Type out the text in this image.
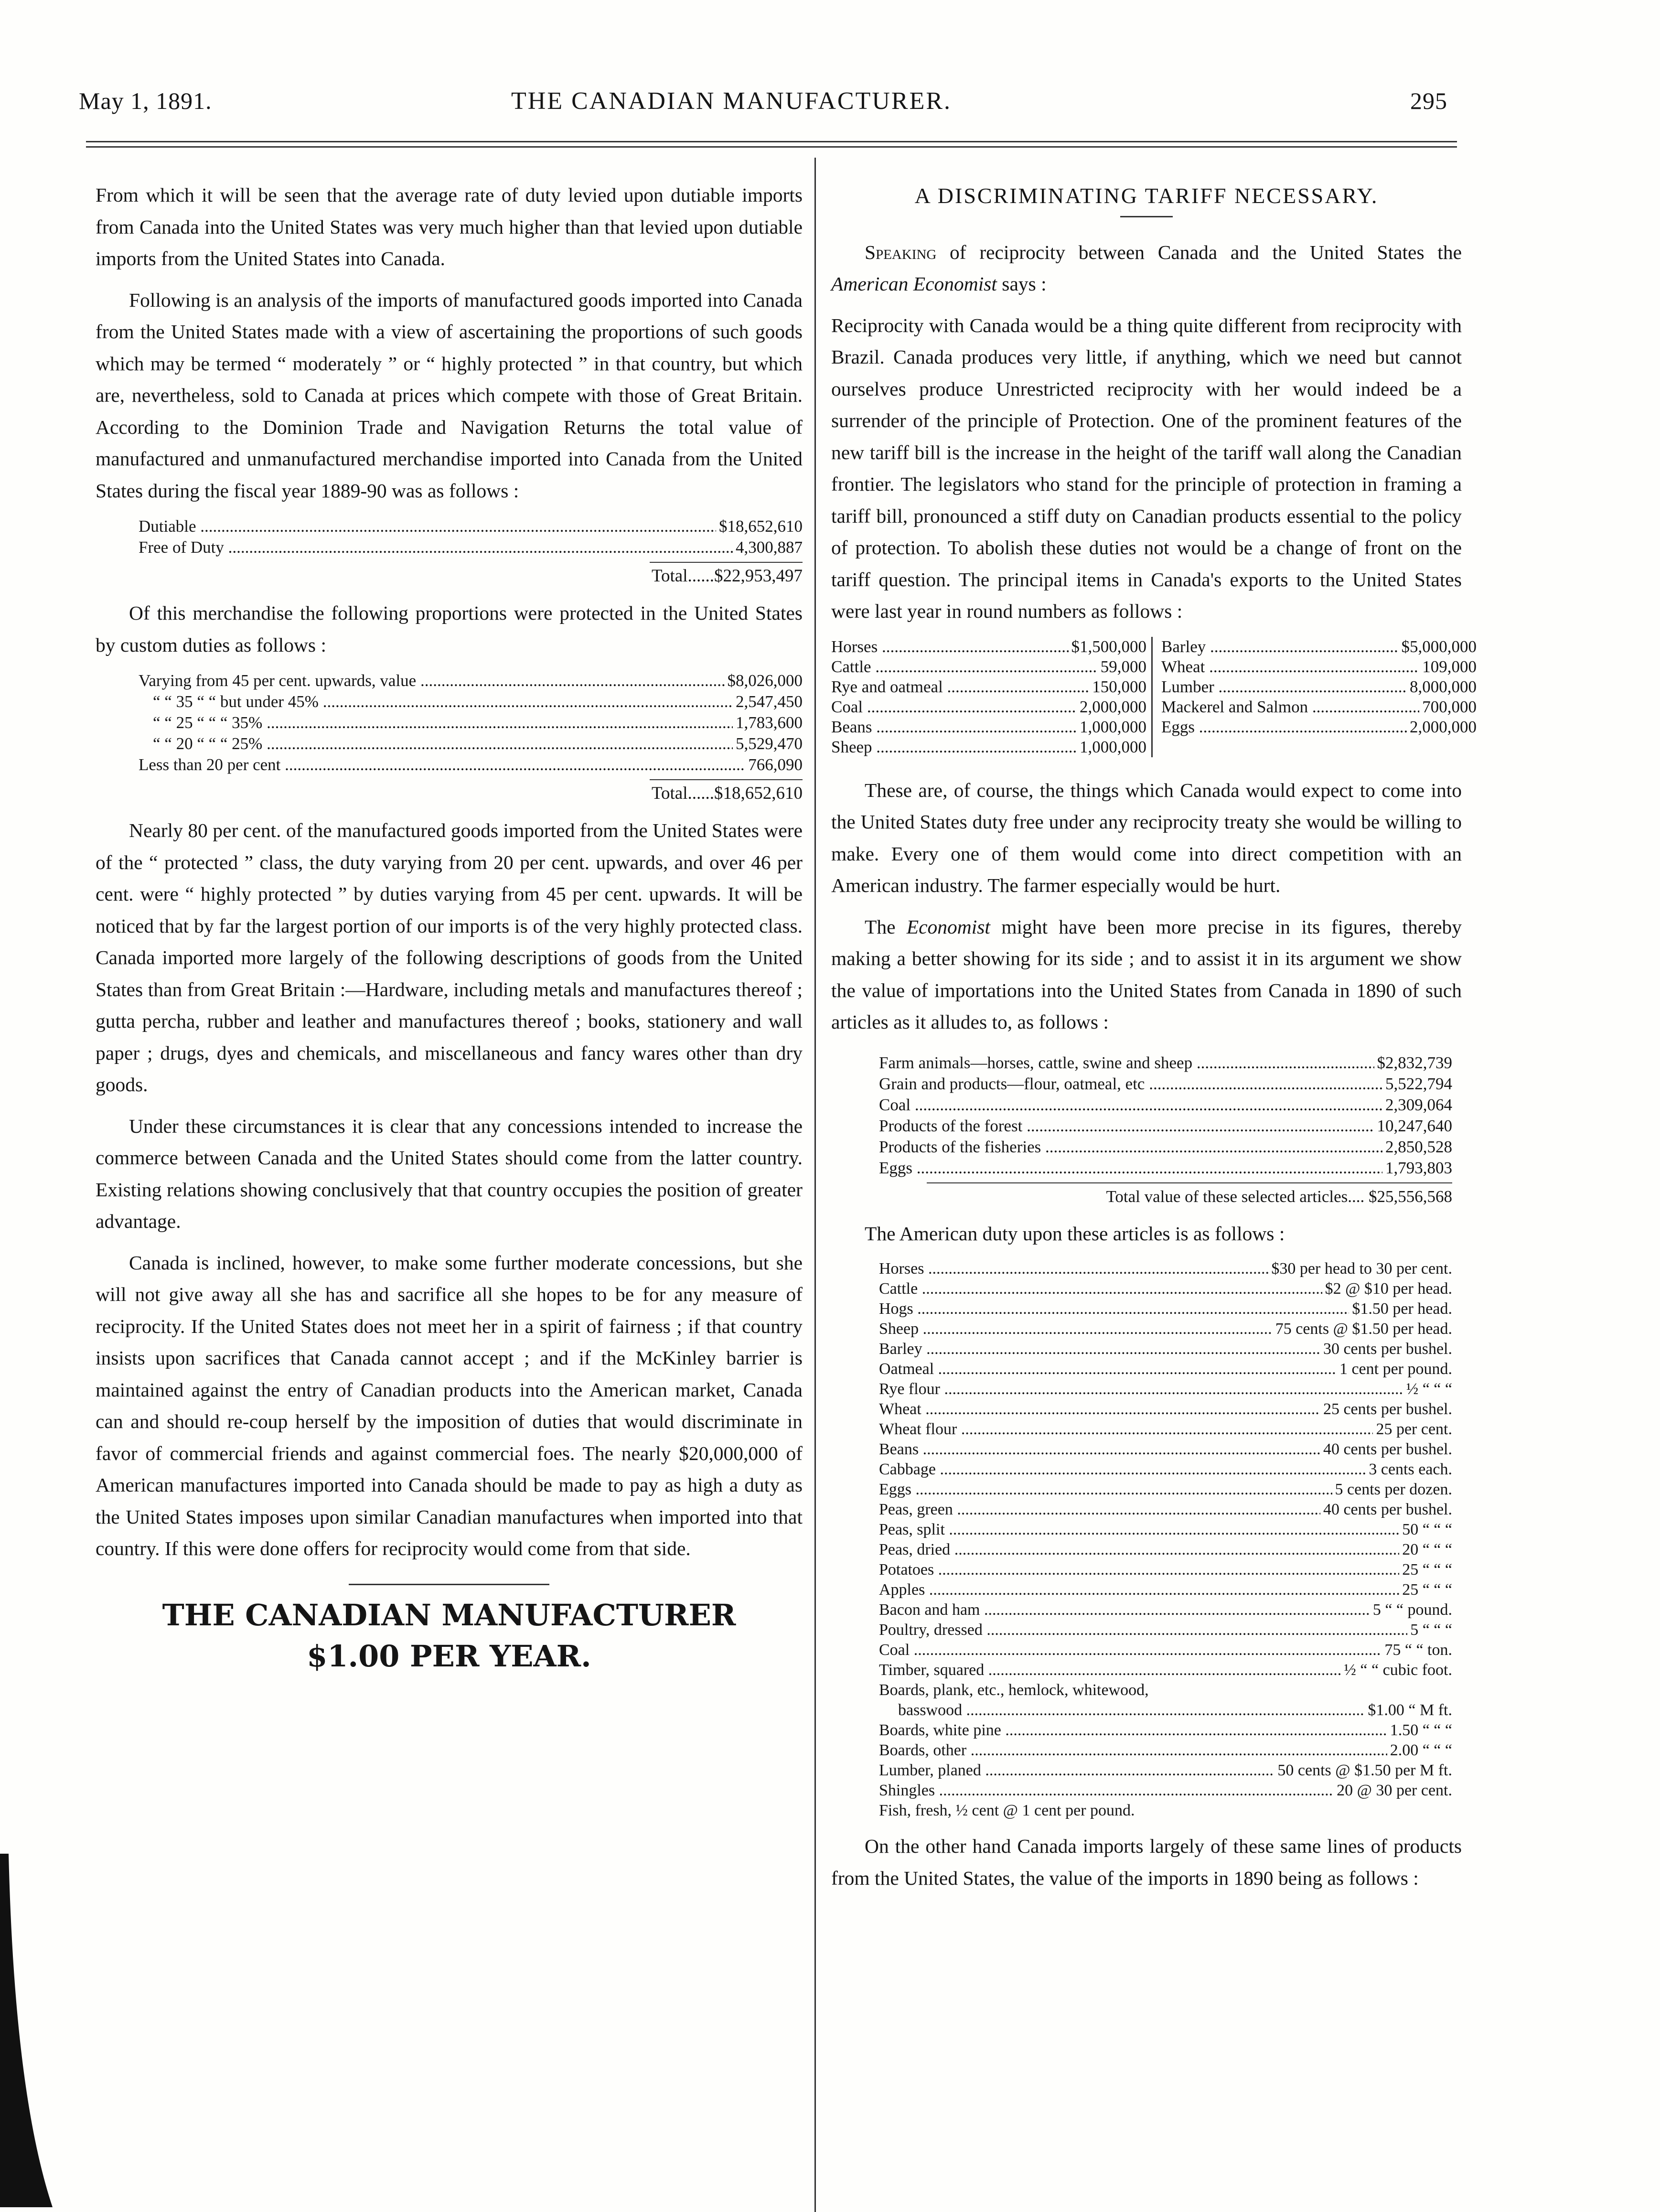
May 1, 1891.	THE CANADIAN MANUFACTURER.	295

From which it will be seen that the average rate of duty levied upon dutiable imports from Canada into the United States was very much higher than that levied upon dutiable imports from the United States into Canada.

Following is an analysis of the imports of manufactured goods imported into Canada from the United States made with a view of ascertaining the proportions of such goods which may be termed “ moderately ” or “ highly protected ” in that country, but which are, nevertheless, sold to Canada at prices which compete with those of Great Britain. According to the Dominion Trade and Navigation Returns the total value of manufactured and unmanufactured merchandise imported into Canada from the United States during the fiscal year 1889-90 was as follows :

Dutiable .....	$18,652,610
Free of Duty .....	4,300,887
Total......$22,953,497

Of this merchandise the following proportions were protected in the United States by custom duties as follows :

Varying from 45 per cent. upwards, value .....	$8,026,000
“ “ 35 “ “ but under 45% .....	2,547,450
“ “ 25 “ “ “ 35% .....	1,783,600
“ “ 20 “ “ “ 25% .....	5,529,470
Less than 20 per cent .....	766,090
Total......$18,652,610

Nearly 80 per cent. of the manufactured goods imported from the United States were of the “ protected ” class, the duty varying from 20 per cent. upwards, and over 46 per cent. were “ highly protected ” by duties varying from 45 per cent. upwards. It will be noticed that by far the largest portion of our imports is of the very highly protected class. Canada imported more largely of the following descriptions of goods from the United States than from Great Britain :—Hardware, including metals and manufactures thereof ; gutta percha, rubber and leather and manufactures thereof ; books, stationery and wall paper ; drugs, dyes and chemicals, and miscellaneous and fancy wares other than dry goods.

Under these circumstances it is clear that any concessions intended to increase the commerce between Canada and the United States should come from the latter country. Existing relations showing conclusively that that country occupies the position of greater advantage.

Canada is inclined, however, to make some further moderate concessions, but she will not give away all she has and sacrifice all she hopes to be for any measure of reciprocity. If the United States does not meet her in a spirit of fairness ; if that country insists upon sacrifices that Canada cannot accept ; and if the McKinley barrier is maintained against the entry of Canadian products into the American market, Canada can and should re-coup herself by the imposition of duties that would discriminate in favor of commercial friends and against commercial foes. The nearly $20,000,000 of American manufactures imported into Canada should be made to pay as high a duty as the United States imposes upon similar Canadian manufactures when imported into that country. If this were done offers for reciprocity would come from that side.

THE CANADIAN MANUFACTURER
$1.00 PER YEAR.
A DISCRIMINATING TARIFF NECESSARY.

Speaking of reciprocity between Canada and the United States the American Economist says :

Reciprocity with Canada would be a thing quite different from reciprocity with Brazil. Canada produces very little, if anything, which we need but cannot ourselves produce Unrestricted reciprocity with her would indeed be a surrender of the principle of Protection. One of the prominent features of the new tariff bill is the increase in the height of the tariff wall along the Canadian frontier. The legislators who stand for the principle of protection in framing a tariff bill, pronounced a stiff duty on Canadian products essential to the policy of protection. To abolish these duties not would be a change of front on the tariff question. The principal items in Canada's exports to the United States were last year in round numbers as follows :

Horses .....	$1,500,000
Cattle .....	59,000
Rye and oatmeal .....	150,000
Coal .....	2,000,000
Beans .....	1,000,000
Sheep .....	1,000,000
Barley .....	$5,000,000
Wheat .....	109,000
Lumber .....	8,000,000
Mackerel and Salmon .....	700,000
Eggs .....	2,000,000

These are, of course, the things which Canada would expect to come into the United States duty free under any reciprocity treaty she would be willing to make. Every one of them would come into direct competition with an American industry. The farmer especially would be hurt.

The Economist might have been more precise in its figures, thereby making a better showing for its side ; and to assist it in its argument we show the value of importations into the United States from Canada in 1890 of such articles as it alludes to, as follows :

Farm animals—horses, cattle, swine and sheep .....	$2,832,739
Grain and products—flour, oatmeal, etc .....	5,522,794
Coal .....	2,309,064
Products of the forest .....	10,247,640
Products of the fisheries .....	2,850,528
Eggs .....	1,793,803
Total value of these selected articles.... $25,556,568

The American duty upon these articles is as follows :

Horses .....	$30 per head to 30 per cent.
Cattle .....	$2 @ $10 per head.
Hogs .....	$1.50 per head.
Sheep .....	75 cents @ $1.50 per head.
Barley .....	30 cents per bushel.
Oatmeal .....	1 cent per pound.
Rye flour .....	½ “ “ “
Wheat .....	25 cents per bushel.
Wheat flour .....	25 per cent.
Beans .....	40 cents per bushel.
Cabbage .....	3 cents each.
Eggs .....	5 cents per dozen.
Peas, green .....	40 cents per bushel.
Peas, split .....	50 “ “ “
Peas, dried .....	20 “ “ “
Potatoes .....	25 “ “ “
Apples .....	25 “ “ “
Bacon and ham .....	5 “ “ pound.
Poultry, dressed .....	5 “ “ “
Coal .....	75 “ “ ton.
Timber, squared .....	½ “ “ cubic foot.
Boards, plank, etc., hemlock, whitewood,
basswood .....	$1.00 “ M ft.
Boards, white pine .....	1.50 “ “ “
Boards, other .....	2.00 “ “ “
Lumber, planed .....	50 cents @ $1.50 per M ft.
Shingles .....	20 @ 30 per cent.
Fish, fresh, ½ cent @ 1 cent per pound.

On the other hand Canada imports largely of these same lines of products from the United States, the value of the imports in 1890 being as follows :
